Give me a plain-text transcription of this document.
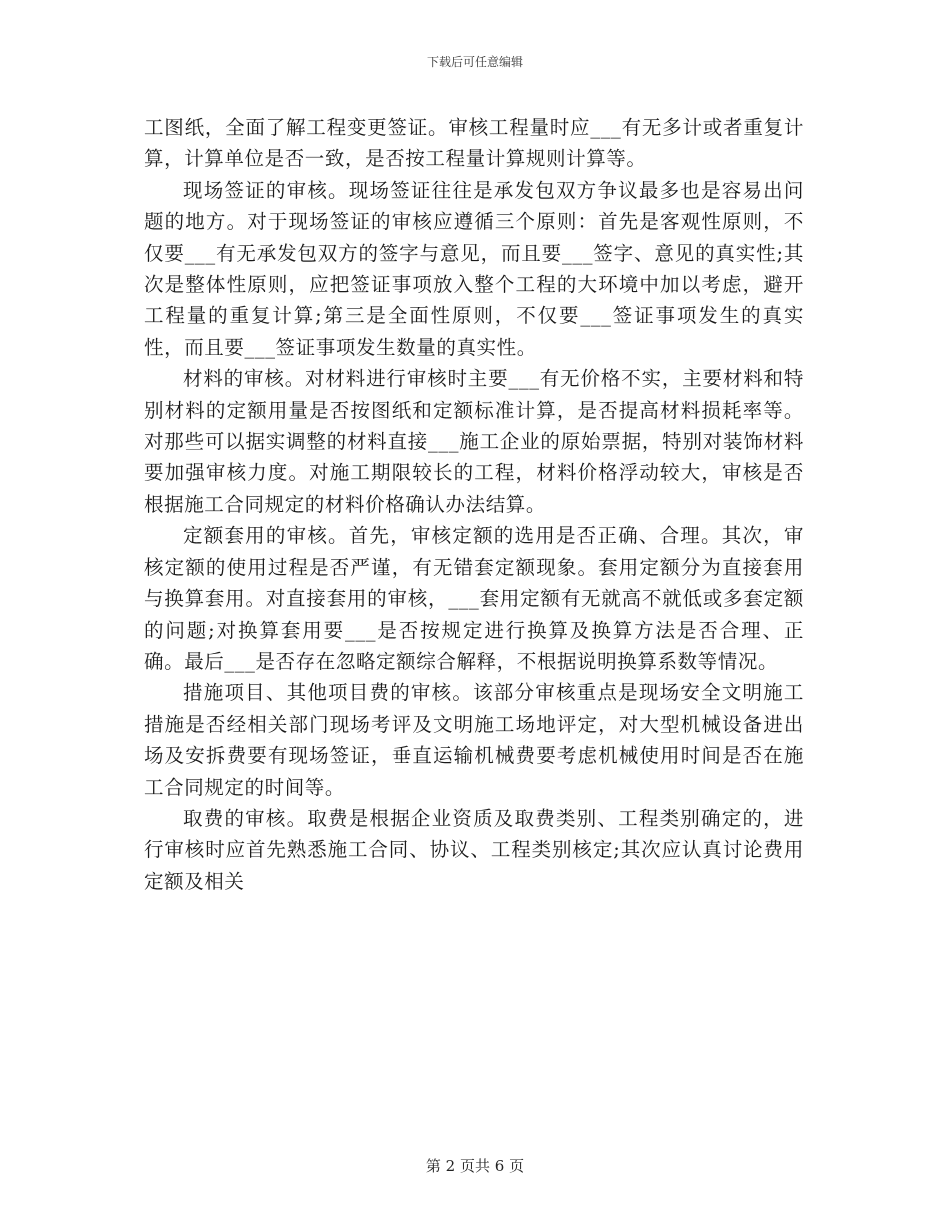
下载后可任意编辑

工图纸，全面了解工程变更签证。审核工程量时应___有无多计或者重复计算，计算单位是否一致，是否按工程量计算规则计算等。

现场签证的审核。现场签证往往是承发包双方争议最多也是容易出问题的地方。对于现场签证的审核应遵循三个原则：首先是客观性原则，不仅要___有无承发包双方的签字与意见，而且要___签字、意见的真实性;其次是整体性原则，应把签证事项放入整个工程的大环境中加以考虑，避开工程量的重复计算;第三是全面性原则，不仅要___签证事项发生的真实性，而且要___签证事项发生数量的真实性。

材料的审核。对材料进行审核时主要___有无价格不实，主要材料和特别材料的定额用量是否按图纸和定额标准计算，是否提高材料损耗率等。对那些可以据实调整的材料直接___施工企业的原始票据，特别对装饰材料要加强审核力度。对施工期限较长的工程，材料价格浮动较大，审核是否根据施工合同规定的材料价格确认办法结算。

定额套用的审核。首先，审核定额的选用是否正确、合理。其次，审核定额的使用过程是否严谨，有无错套定额现象。套用定额分为直接套用与换算套用。对直接套用的审核，___套用定额有无就高不就低或多套定额的问题;对换算套用要___是否按规定进行换算及换算方法是否合理、正确。最后___是否存在忽略定额综合解释，不根据说明换算系数等情况。

措施项目、其他项目费的审核。该部分审核重点是现场安全文明施工措施是否经相关部门现场考评及文明施工场地评定，对大型机械设备进出场及安拆费要有现场签证，垂直运输机械费要考虑机械使用时间是否在施工合同规定的时间等。

取费的审核。取费是根据企业资质及取费类别、工程类别确定的，进行审核时应首先熟悉施工合同、协议、工程类别核定;其次应认真讨论费用定额及相关

第 2 页共 6 页
